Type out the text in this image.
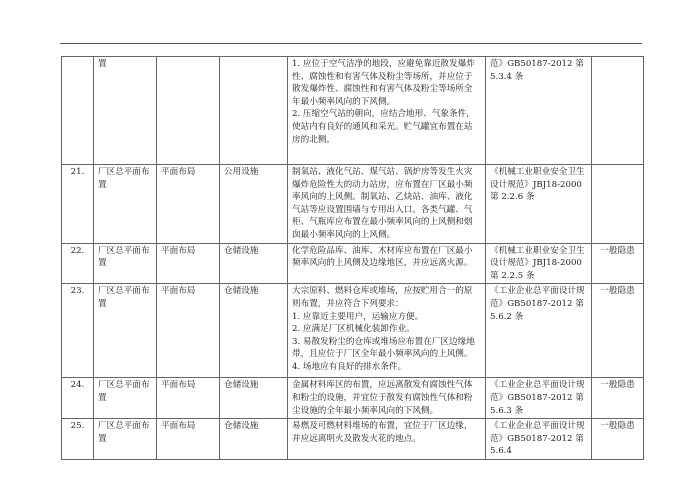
	置			1. 应位于空气洁净的地段，应避免靠近散发爆炸性、腐蚀性和有害气体及粉尘等场所，并应位于散发爆炸性、腐蚀性和有害气体及粉尘等场所全年最小频率风向的下风侧。

2. 压缩空气站的朝向，应结合地形、气象条件，使站内有良好的通风和采光。贮气罐宜布置在站房的北侧。	范》GB50187-2012 第 5.3.4 条	
21.	厂区总平面布置	平面布局	公用设施	制氧站、液化气站、煤气站、锅炉房等发生火灾爆炸危险性大的动力站房，应布置在厂区最小频率风向的上风侧。制氧站、乙炔站、油库、液化气站等应设置围墙与专用出入口。各类气罐、气柜、气瓶库应布置在最小频率风向的上风侧和烟囱最小频率风向的上风侧。	《机械工业职业安全卫生设计规范》JBJ18-2000 第 2.2.6 条	
22.	厂区总平面布置	平面布局	仓储设施	化学危险品库、油库、木材库应布置在厂区最小频率风向的上风侧及边缘地区，并应远离火源。	《机械工业职业安全卫生设计规范》JBJ18-2000 第 2.2.5 条	一般隐患
23.	厂区总平面布置	平面布局	仓储设施	大宗原料、燃料仓库或堆场，应按贮用合一的原则布置，并应符合下列要求：

1. 应靠近主要用户，运输应方便。

2. 应满足厂区机械化装卸作业。

3. 易散发粉尘的仓库或堆场应布置在厂区边缘地带，且应位于厂区全年最小频率风向的上风侧。

4. 场地应有良好的排水条件。	《工业企业总平面设计规范》GB50187-2012 第 5.6.2 条	一般隐患
24.	厂区总平面布置	平面布局	仓储设施	金属材料库区的布置，应远离散发有腐蚀性气体和粉尘的设施，并宜位于散发有腐蚀性气体和粉尘设施的全年最小频率风向的下风侧。	《工业企业总平面设计规范》GB50187-2012 第 5.6.3 条	一般隐患
25.	厂区总平面布置	平面布局	仓储设施	易燃及可燃材料堆场的布置，宜位于厂区边缘，并应远离明火及散发火花的地点。	《工业企业总平面设计规范》GB50187-2012 第 5.6.4	一般隐患
